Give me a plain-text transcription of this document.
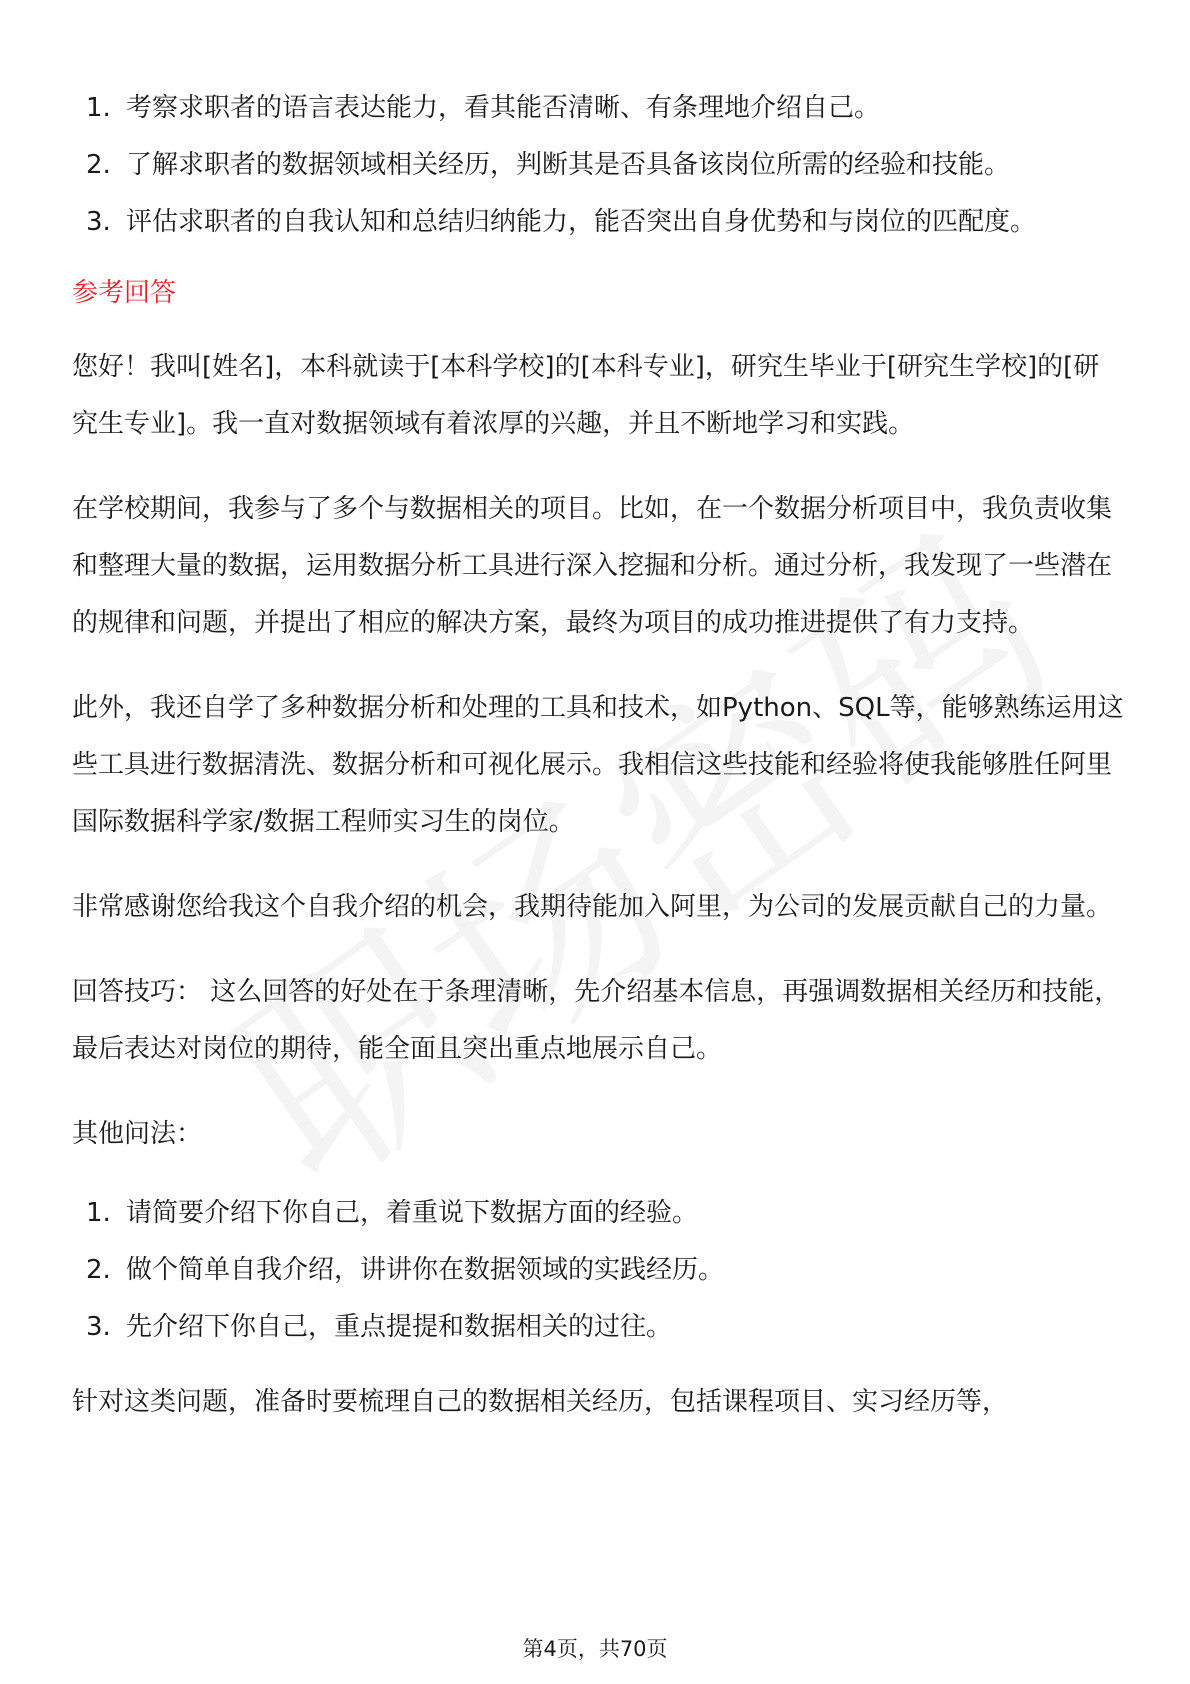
1. 考察求职者的语言表达能力，看其能否清晰、有条理地介绍自己。
2. 了解求职者的数据领域相关经历，判断其是否具备该岗位所需的经验和技能。
3. 评估求职者的自我认知和总结归纳能力，能否突出自身优势和与岗位的匹配度。
参考回答

您好！我叫[姓名]，本科就读于[本科学校]的[本科专业]，研究生毕业于[研究生学校]的[研究生专业]。我一直对数据领域有着浓厚的兴趣，并且不断地学习和实践。

在学校期间，我参与了多个与数据相关的项目。比如，在一个数据分析项目中，我负责收集和整理大量的数据，运用数据分析工具进行深入挖掘和分析。通过分析，我发现了一些潜在的规律和问题，并提出了相应的解决方案，最终为项目的成功推进提供了有力支持。

此外，我还自学了多种数据分析和处理的工具和技术，如Python、SQL等，能够熟练运用这些工具进行数据清洗、数据分析和可视化展示。我相信这些技能和经验将使我能够胜任阿里国际数据科学家/数据工程师实习生的岗位。

非常感谢您给我这个自我介绍的机会，我期待能加入阿里，为公司的发展贡献自己的力量。

回答技巧： 这么回答的好处在于条理清晰，先介绍基本信息，再强调数据相关经历和技能，最后表达对岗位的期待，能全面且突出重点地展示自己。

其他问法：

1. 请简要介绍下你自己，着重说下数据方面的经验。
2. 做个简单自我介绍，讲讲你在数据领域的实践经历。
3. 先介绍下你自己，重点提提和数据相关的过往。

针对这类问题，准备时要梳理自己的数据相关经历，包括课程项目、实习经历等，

第4页，共70页
